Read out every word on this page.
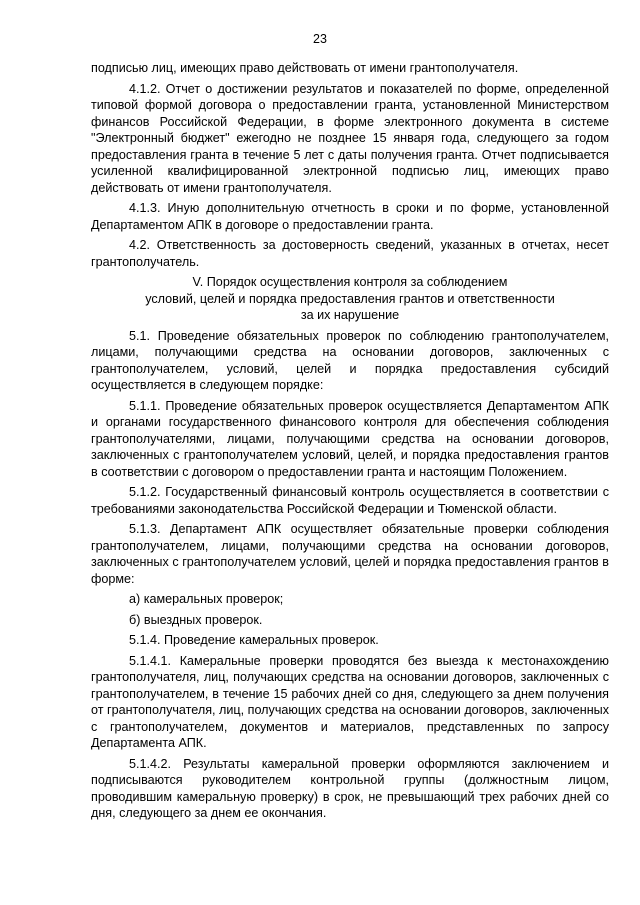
23

подписью лиц, имеющих право действовать от имени грантополучателя.

4.1.2. Отчет о достижении результатов и показателей по форме, определенной типовой формой договора о предоставлении гранта, установленной Министерством финансов Российской Федерации, в форме электронного документа в системе "Электронный бюджет" ежегодно не позднее 15 января года, следующего за годом предоставления гранта в течение 5 лет с даты получения гранта. Отчет подписывается усиленной квалифицированной электронной подписью лиц, имеющих право действовать от имени грантополучателя.

4.1.3. Иную дополнительную отчетность в сроки и по форме, установленной Департаментом АПК в договоре о предоставлении гранта.

4.2. Ответственность за достоверность сведений, указанных в отчетах, несет грантополучатель.

V. Порядок осуществления контроля за соблюдением
условий, целей и порядка предоставления грантов и ответственности
за их нарушение

5.1. Проведение обязательных проверок по соблюдению грантополучателем, лицами, получающими средства на основании договоров, заключенных с грантополучателем, условий, целей и порядка предоставления субсидий осуществляется в следующем порядке:

5.1.1. Проведение обязательных проверок осуществляется Департаментом АПК и органами государственного финансового контроля для обеспечения соблюдения грантополучателями, лицами, получающими средства на основании договоров, заключенных с грантополучателем условий, целей, и порядка предоставления грантов в соответствии с договором о предоставлении гранта и настоящим Положением.

5.1.2. Государственный финансовый контроль осуществляется в соответствии с требованиями законодательства Российской Федерации и Тюменской области.

5.1.3. Департамент АПК осуществляет обязательные проверки соблюдения грантополучателем, лицами, получающими средства на основании договоров, заключенных с грантополучателем условий, целей и порядка предоставления грантов в форме:

а) камеральных проверок;

б) выездных проверок.

5.1.4. Проведение камеральных проверок.

5.1.4.1. Камеральные проверки проводятся без выезда к местонахождению грантополучателя, лиц, получающих средства на основании договоров, заключенных с грантополучателем, в течение 15 рабочих дней со дня, следующего за днем получения от грантополучателя, лиц, получающих средства на основании договоров, заключенных с грантополучателем, документов и материалов, представленных по запросу Департамента АПК.

5.1.4.2. Результаты камеральной проверки оформляются заключением и подписываются руководителем контрольной группы (должностным лицом, проводившим камеральную проверку) в срок, не превышающий трех рабочих дней со дня, следующего за днем ее окончания.
